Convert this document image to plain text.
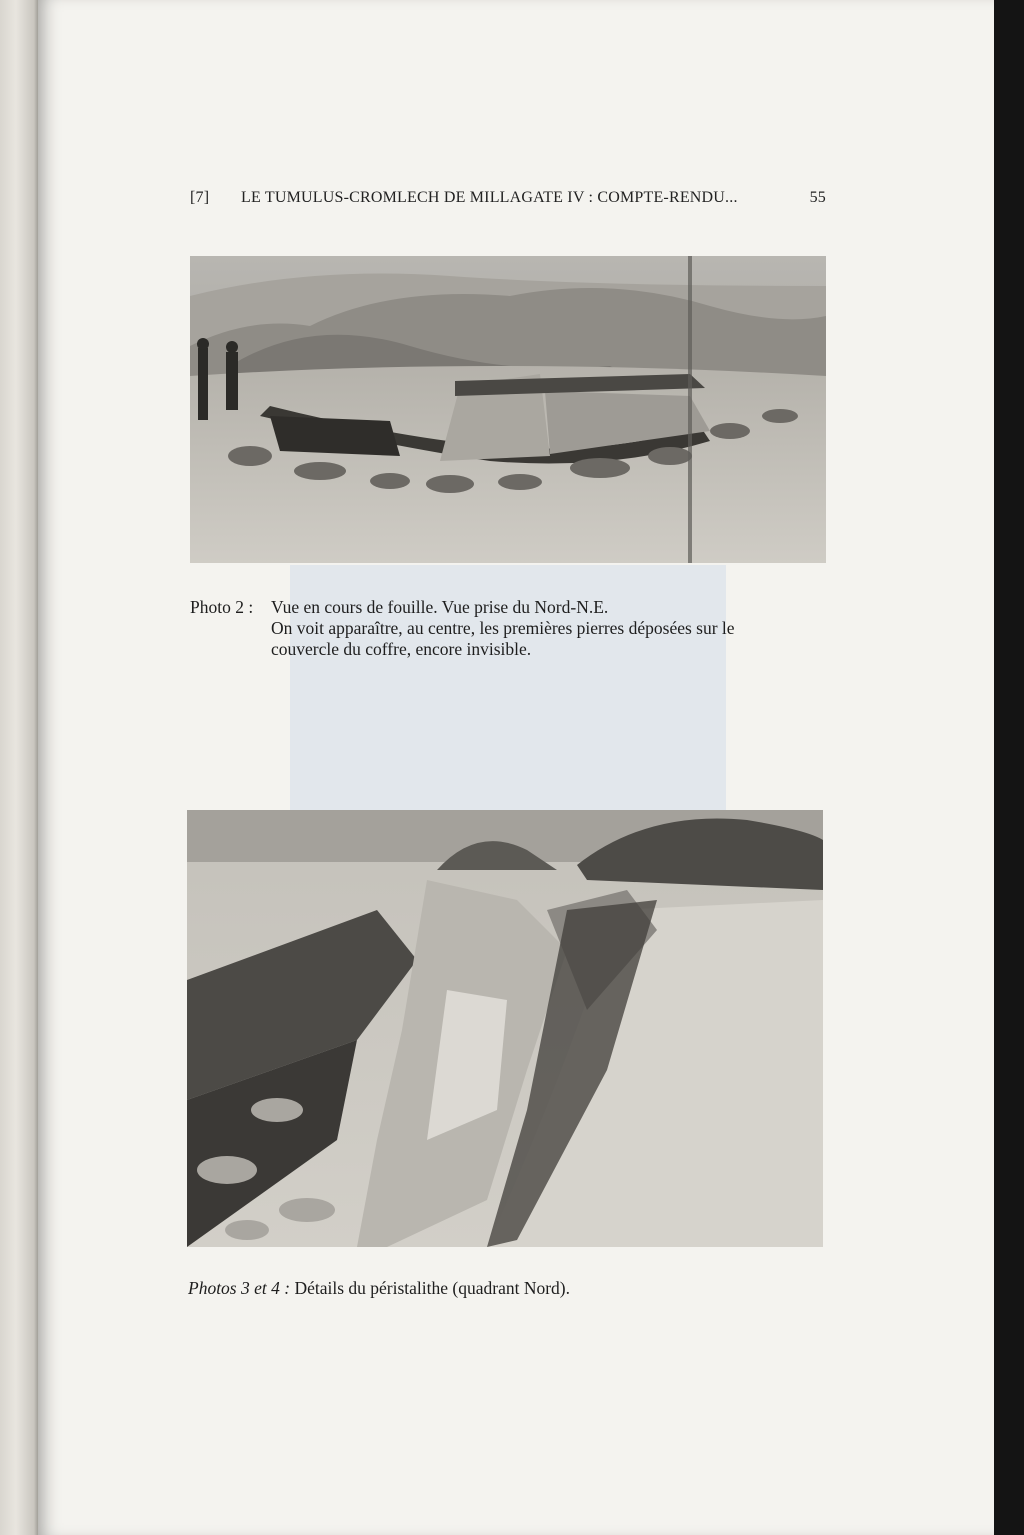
[7] LE TUMULUS-CROMLECH DE MILLAGATE IV : COMPTE-RENDU...	55
Photo 2 : Vue en cours de fouille. Vue prise du Nord-N.E.
On voit apparaître, au centre, les premières pierres déposées sur le
couvercle du coffre, encore invisible.
Photos 3 et 4 : Détails du péristalithe (quadrant Nord).
